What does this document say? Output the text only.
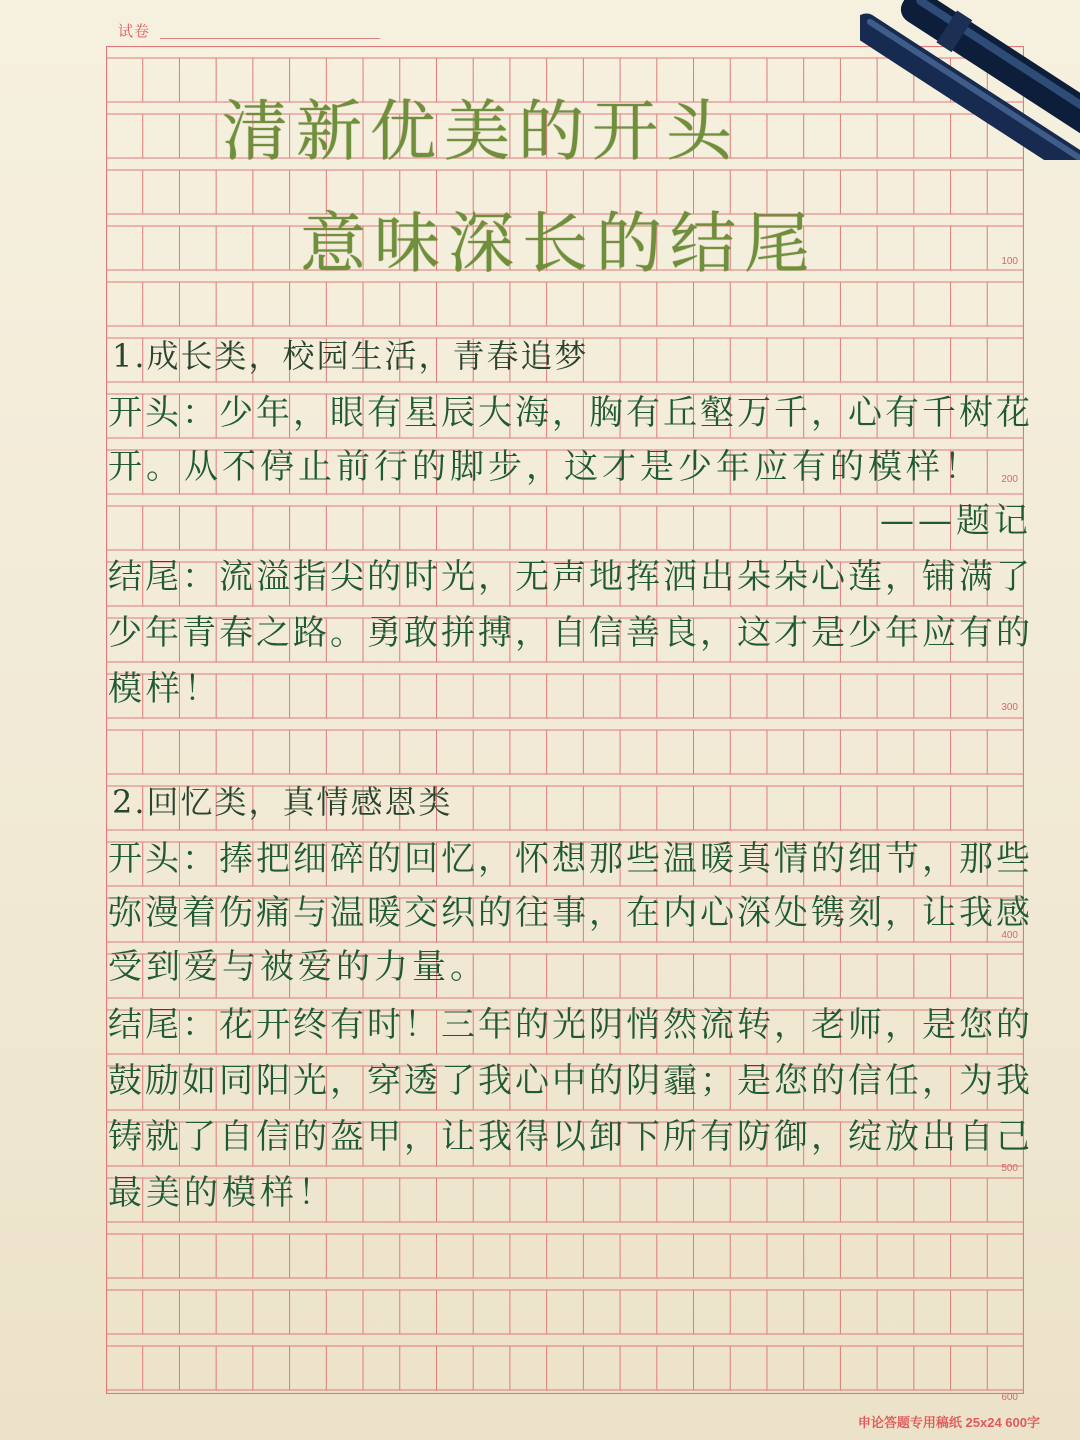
试卷
100
200
300
400
500
600
清新优美的开头
意味深长的结尾
1.成长类，校园生活，青春追梦
开头：少年，眼有星辰大海，胸有丘壑万千，心有千树花
开。从不停止前行的脚步，这才是少年应有的模样！
——题记
结尾：流溢指尖的时光，无声地挥洒出朵朵心莲，铺满了
少年青春之路。勇敢拼搏，自信善良，这才是少年应有的
模样！
2.回忆类，真情感恩类
开头：捧把细碎的回忆，怀想那些温暖真情的细节，那些
弥漫着伤痛与温暖交织的往事，在内心深处镌刻，让我感
受到爱与被爱的力量。
结尾：花开终有时！三年的光阴悄然流转，老师，是您的
鼓励如同阳光，穿透了我心中的阴霾；是您的信任，为我
铸就了自信的盔甲，让我得以卸下所有防御，绽放出自己
最美的模样！
申论答题专用稿纸 25x24 600字
